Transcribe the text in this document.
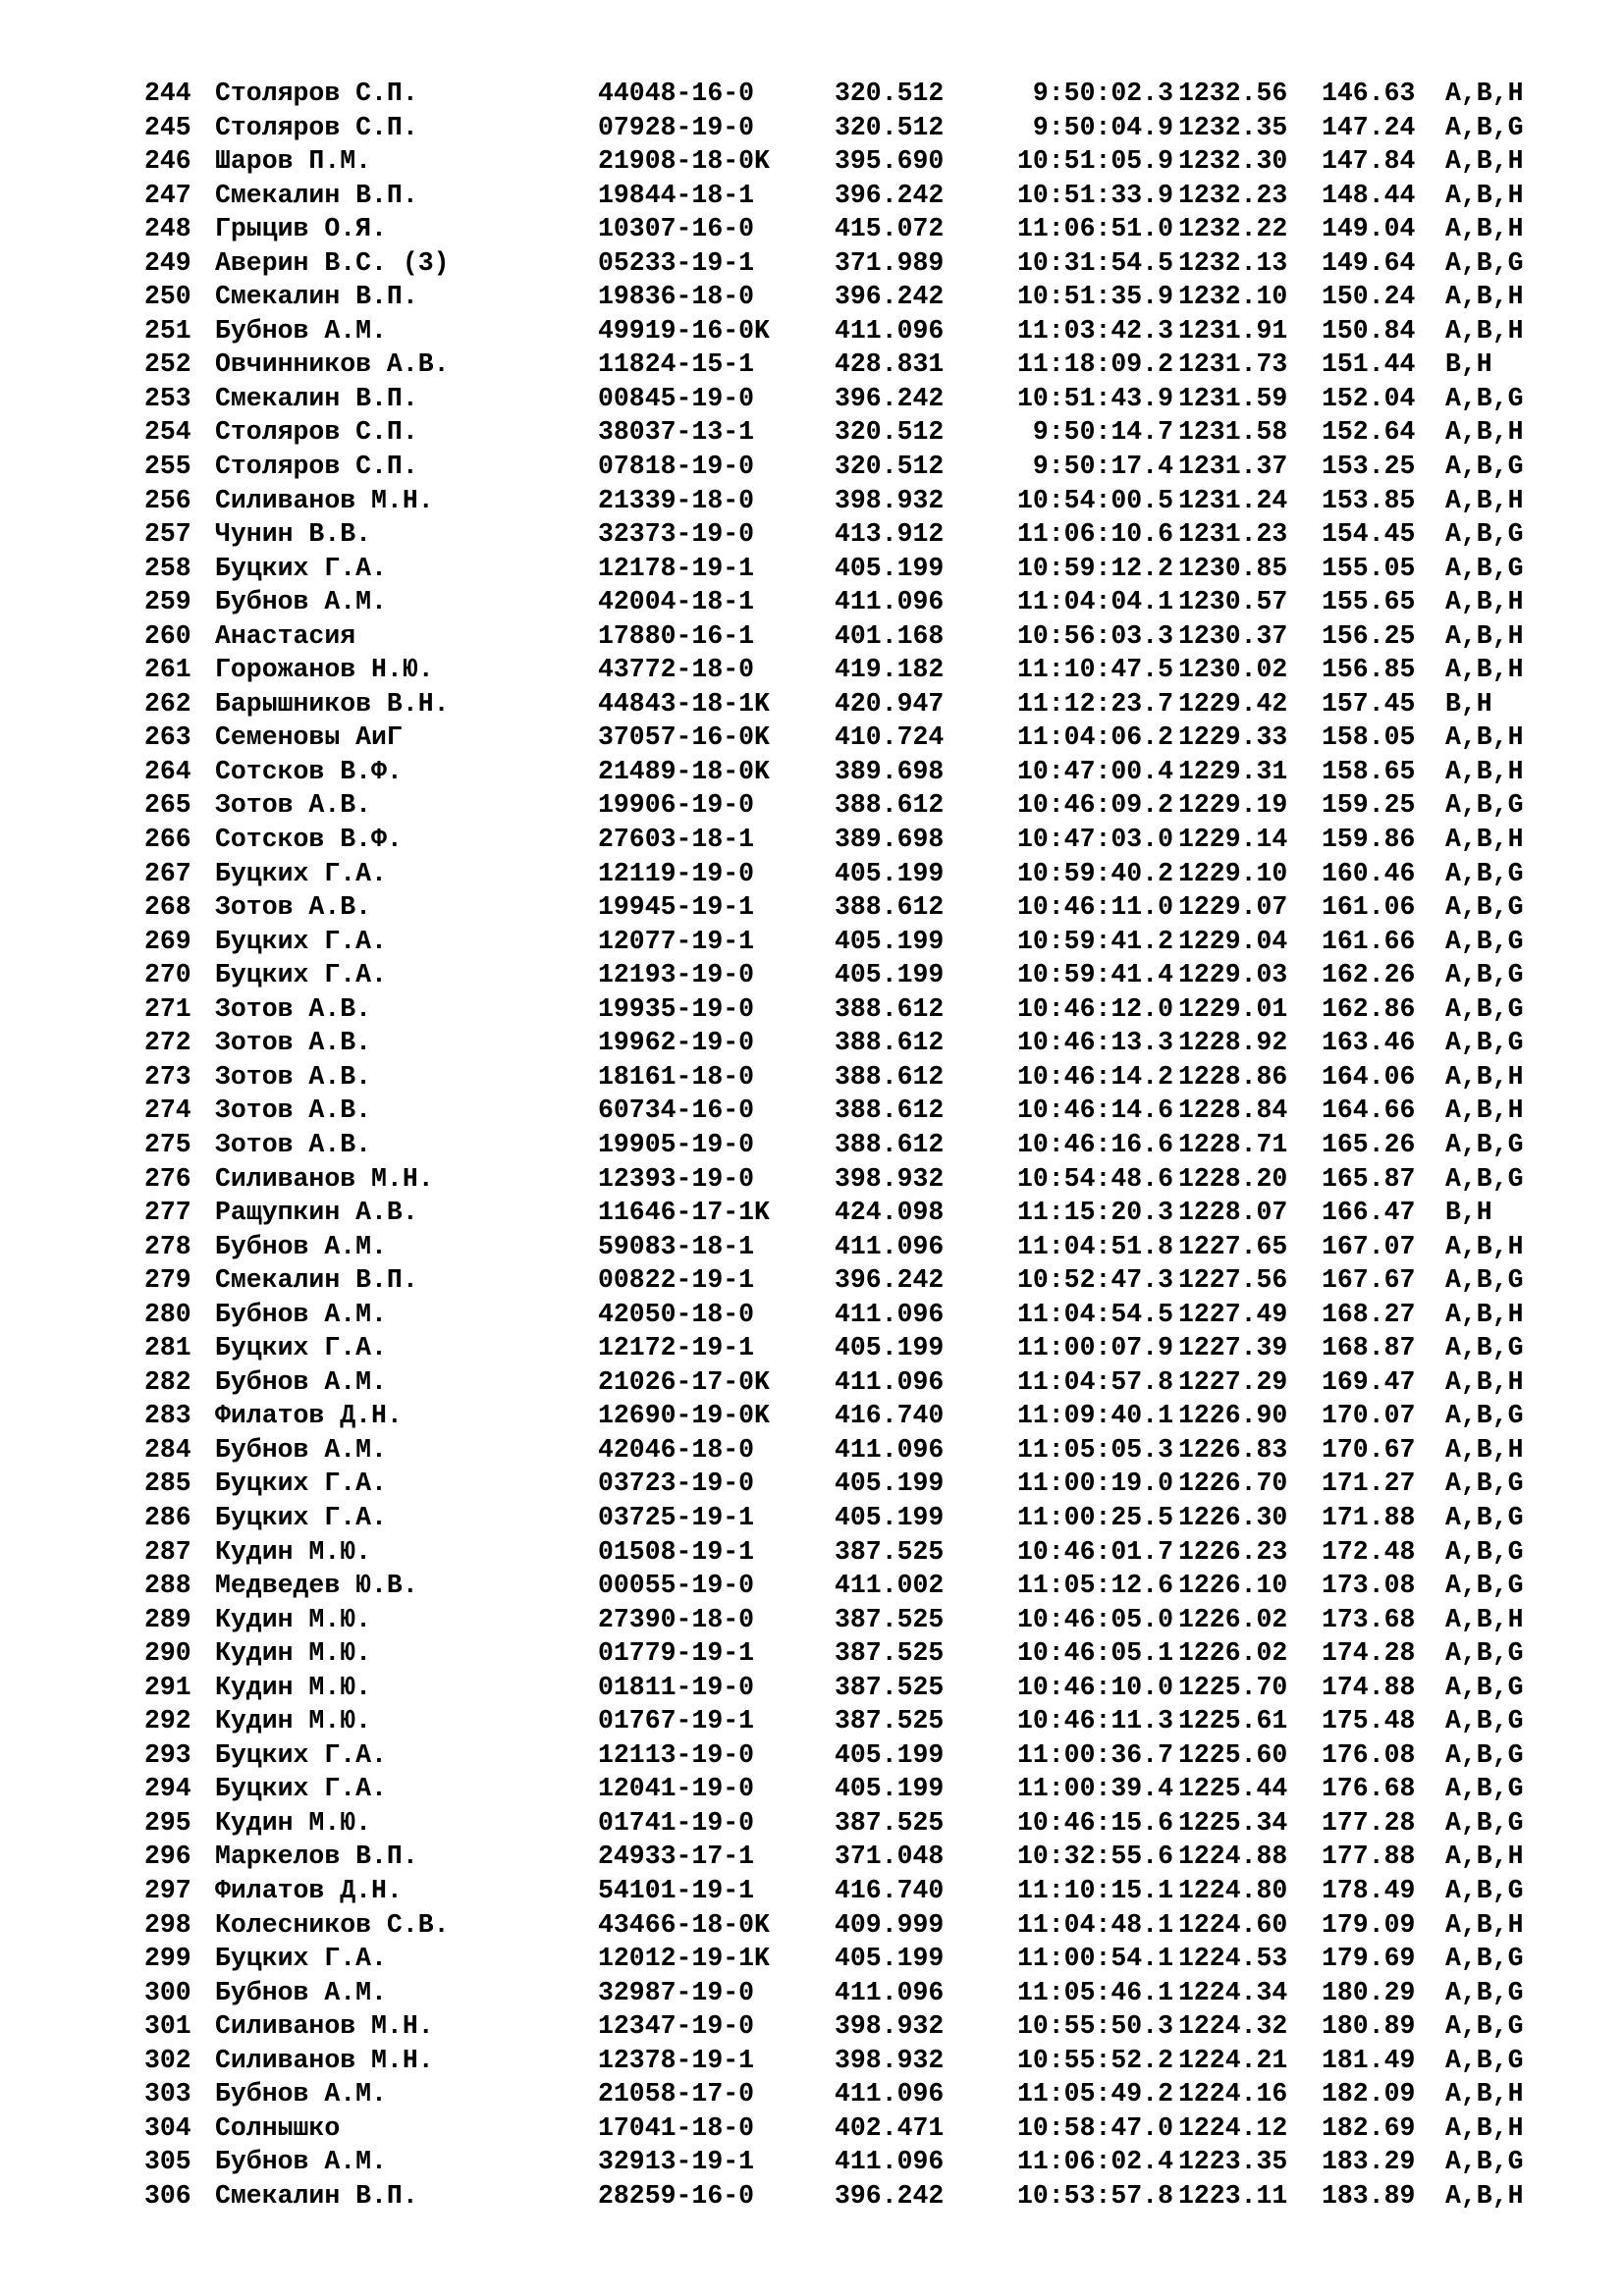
244 Столяров С.П.	44048-16-0	320.512	9:50:02.3 1232.56 146.63 A,B,H
245 Столяров С.П.	07928-19-0	320.512	9:50:04.9 1232.35 147.24 A,B,G
246 Шаров П.М.	21908-18-0K 395.690	10:51:05.9 1232.30 147.84 A,B,H
247 Смекалин В.П.	19844-18-1	396.242	10:51:33.9 1232.23 148.44 A,B,H
248 Грыцив О.Я.	10307-16-0	415.072	11:06:51.0 1232.22 149.04 A,B,H
249 Аверин В.С. (3)	05233-19-1	371.989	10:31:54.5 1232.13 149.64 A,B,G
250 Смекалин В.П.	19836-18-0	396.242	10:51:35.9 1232.10 150.24 A,B,H
251 Бубнов А.М.	49919-16-0K 411.096	11:03:42.3 1231.91 150.84 A,B,H
252 Овчинников А.В.	11824-15-1	428.831	11:18:09.2 1231.73 151.44 B,H
253 Смекалин В.П.	00845-19-0	396.242	10:51:43.9 1231.59 152.04 A,B,G
254 Столяров С.П.	38037-13-1	320.512	9:50:14.7 1231.58 152.64 A,B,H
255 Столяров С.П.	07818-19-0	320.512	9:50:17.4 1231.37 153.25 A,B,G
256 Силиванов М.Н.	21339-18-0	398.932	10:54:00.5 1231.24 153.85 A,B,H
257 Чунин В.В.	32373-19-0	413.912	11:06:10.6 1231.23 154.45 A,B,G
258 Буцких Г.А.	12178-19-1	405.199	10:59:12.2 1230.85 155.05 A,B,G
259 Бубнов А.М.	42004-18-1	411.096	11:04:04.1 1230.57 155.65 A,B,H
260 Анастасия	17880-16-1	401.168	10:56:03.3 1230.37 156.25 A,B,H
261 Горожанов Н.Ю.	43772-18-0	419.182	11:10:47.5 1230.02 156.85 A,B,H
262 Барышников В.Н.	44843-18-1K 420.947	11:12:23.7 1229.42 157.45 B,H
263 Семеновы АиГ	37057-16-0K 410.724	11:04:06.2 1229.33 158.05 A,B,H
264 Сотсков В.Ф.	21489-18-0K 389.698	10:47:00.4 1229.31 158.65 A,B,H
265 Зотов А.В.	19906-19-0	388.612	10:46:09.2 1229.19 159.25 A,B,G
266 Сотсков В.Ф.	27603-18-1	389.698	10:47:03.0 1229.14 159.86 A,B,H
267 Буцких Г.А.	12119-19-0	405.199	10:59:40.2 1229.10 160.46 A,B,G
268 Зотов А.В.	19945-19-1	388.612	10:46:11.0 1229.07 161.06 A,B,G
269 Буцких Г.А.	12077-19-1	405.199	10:59:41.2 1229.04 161.66 A,B,G
270 Буцких Г.А.	12193-19-0	405.199	10:59:41.4 1229.03 162.26 A,B,G
271 Зотов А.В.	19935-19-0	388.612	10:46:12.0 1229.01 162.86 A,B,G
272 Зотов А.В.	19962-19-0	388.612	10:46:13.3 1228.92 163.46 A,B,G
273 Зотов А.В.	18161-18-0	388.612	10:46:14.2 1228.86 164.06 A,B,H
274 Зотов А.В.	60734-16-0	388.612	10:46:14.6 1228.84 164.66 A,B,H
275 Зотов А.В.	19905-19-0	388.612	10:46:16.6 1228.71 165.26 A,B,G
276 Силиванов М.Н.	12393-19-0	398.932	10:54:48.6 1228.20 165.87 A,B,G
277 Ращупкин А.В.	11646-17-1K 424.098	11:15:20.3 1228.07 166.47 B,H
278 Бубнов А.М.	59083-18-1	411.096	11:04:51.8 1227.65 167.07 A,B,H
279 Смекалин В.П.	00822-19-1	396.242	10:52:47.3 1227.56 167.67 A,B,G
280 Бубнов А.М.	42050-18-0	411.096	11:04:54.5 1227.49 168.27 A,B,H
281 Буцких Г.А.	12172-19-1	405.199	11:00:07.9 1227.39 168.87 A,B,G
282 Бубнов А.М.	21026-17-0K 411.096	11:04:57.8 1227.29 169.47 A,B,H
283 Филатов Д.Н.	12690-19-0K 416.740	11:09:40.1 1226.90 170.07 A,B,G
284 Бубнов А.М.	42046-18-0	411.096	11:05:05.3 1226.83 170.67 A,B,H
285 Буцких Г.А.	03723-19-0	405.199	11:00:19.0 1226.70 171.27 A,B,G
286 Буцких Г.А.	03725-19-1	405.199	11:00:25.5 1226.30 171.88 A,B,G
287 Кудин М.Ю.	01508-19-1	387.525	10:46:01.7 1226.23 172.48 A,B,G
288 Медведев Ю.В.	00055-19-0	411.002	11:05:12.6 1226.10 173.08 A,B,G
289 Кудин М.Ю.	27390-18-0	387.525	10:46:05.0 1226.02 173.68 A,B,H
290 Кудин М.Ю.	01779-19-1	387.525	10:46:05.1 1226.02 174.28 A,B,G
291 Кудин М.Ю.	01811-19-0	387.525	10:46:10.0 1225.70 174.88 A,B,G
292 Кудин М.Ю.	01767-19-1	387.525	10:46:11.3 1225.61 175.48 A,B,G
293 Буцких Г.А.	12113-19-0	405.199	11:00:36.7 1225.60 176.08 A,B,G
294 Буцких Г.А.	12041-19-0	405.199	11:00:39.4 1225.44 176.68 A,B,G
295 Кудин М.Ю.	01741-19-0	387.525	10:46:15.6 1225.34 177.28 A,B,G
296 Маркелов В.П.	24933-17-1	371.048	10:32:55.6 1224.88 177.88 A,B,H
297 Филатов Д.Н.	54101-19-1	416.740	11:10:15.1 1224.80 178.49 A,B,G
298 Колесников С.В.	43466-18-0K 409.999	11:04:48.1 1224.60 179.09 A,B,H
299 Буцких Г.А.	12012-19-1K 405.199	11:00:54.1 1224.53 179.69 A,B,G
300 Бубнов А.М.	32987-19-0	411.096	11:05:46.1 1224.34 180.29 A,B,G
301 Силиванов М.Н.	12347-19-0	398.932	10:55:50.3 1224.32 180.89 A,B,G
302 Силиванов М.Н.	12378-19-1	398.932	10:55:52.2 1224.21 181.49 A,B,G
303 Бубнов А.М.	21058-17-0	411.096	11:05:49.2 1224.16 182.09 A,B,H
304 Солнышко	17041-18-0	402.471	10:58:47.0 1224.12 182.69 A,B,H
305 Бубнов А.М.	32913-19-1	411.096	11:06:02.4 1223.35 183.29 A,B,G
306 Смекалин В.П.	28259-16-0	396.242	10:53:57.8 1223.11 183.89 A,B,H
